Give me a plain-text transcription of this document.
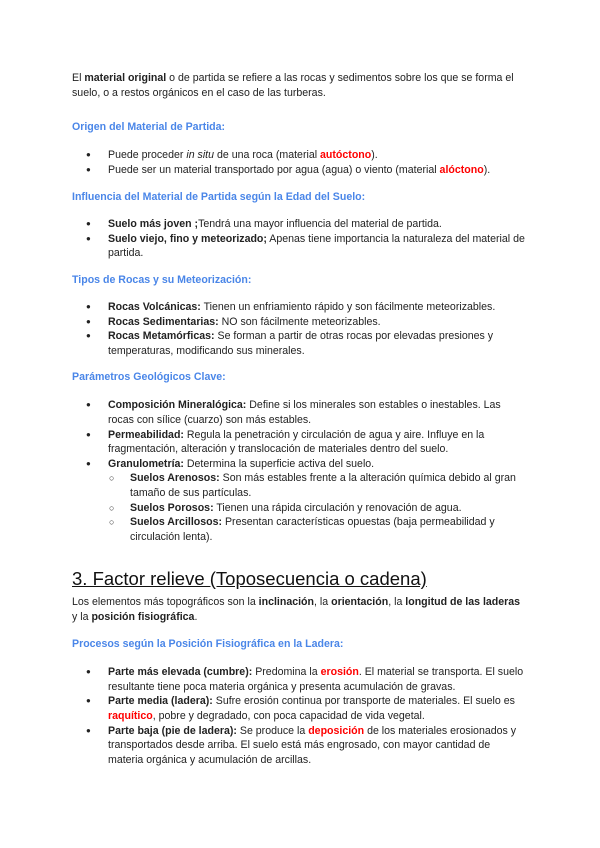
El material original o de partida se refiere a las rocas y sedimentos sobre los que se forma el suelo, o a restos orgánicos en el caso de las turberas.

Origen del Material de Partida:

● Puede proceder in situ de una roca (material autóctono).
● Puede ser un material transportado por agua (agua) o viento (material alóctono).

Influencia del Material de Partida según la Edad del Suelo:

● Suelo más joven ;Tendrá una mayor influencia del material de partida.
● Suelo viejo, fino y meteorizado; Apenas tiene importancia la naturaleza del material de partida.

Tipos de Rocas y su Meteorización:

● Rocas Volcánicas: Tienen un enfriamiento rápido y son fácilmente meteorizables.
● Rocas Sedimentarias: NO son fácilmente meteorizables.
● Rocas Metamórficas: Se forman a partir de otras rocas por elevadas presiones y temperaturas, modificando sus minerales.

Parámetros Geológicos Clave:

● Composición Mineralógica: Define si los minerales son estables o inestables. Las rocas con sílice (cuarzo) son más estables.
● Permeabilidad: Regula la penetración y circulación de agua y aire. Influye en la fragmentación, alteración y translocación de materiales dentro del suelo.
● Granulometría: Determina la superficie activa del suelo.
○ Suelos Arenosos: Son más estables frente a la alteración química debido al gran tamaño de sus partículas.
○ Suelos Porosos: Tienen una rápida circulación y renovación de agua.
○ Suelos Arcillosos: Presentan características opuestas (baja permeabilidad y circulación lenta).
3. Factor relieve (Toposecuencia o cadena)

Los elementos más topográficos son la inclinación, la orientación, la longitud de las laderas y la posición fisiográfica.

Procesos según la Posición Fisiográfica en la Ladera:

● Parte más elevada (cumbre): Predomina la erosión. El material se transporta. El suelo resultante tiene poca materia orgánica y presenta acumulación de gravas.
● Parte media (ladera): Sufre erosión continua por transporte de materiales. El suelo es raquítico, pobre y degradado, con poca capacidad de vida vegetal.
● Parte baja (pie de ladera): Se produce la deposición de los materiales erosionados y transportados desde arriba. El suelo está más engrosado, con mayor cantidad de materia orgánica y acumulación de arcillas.
